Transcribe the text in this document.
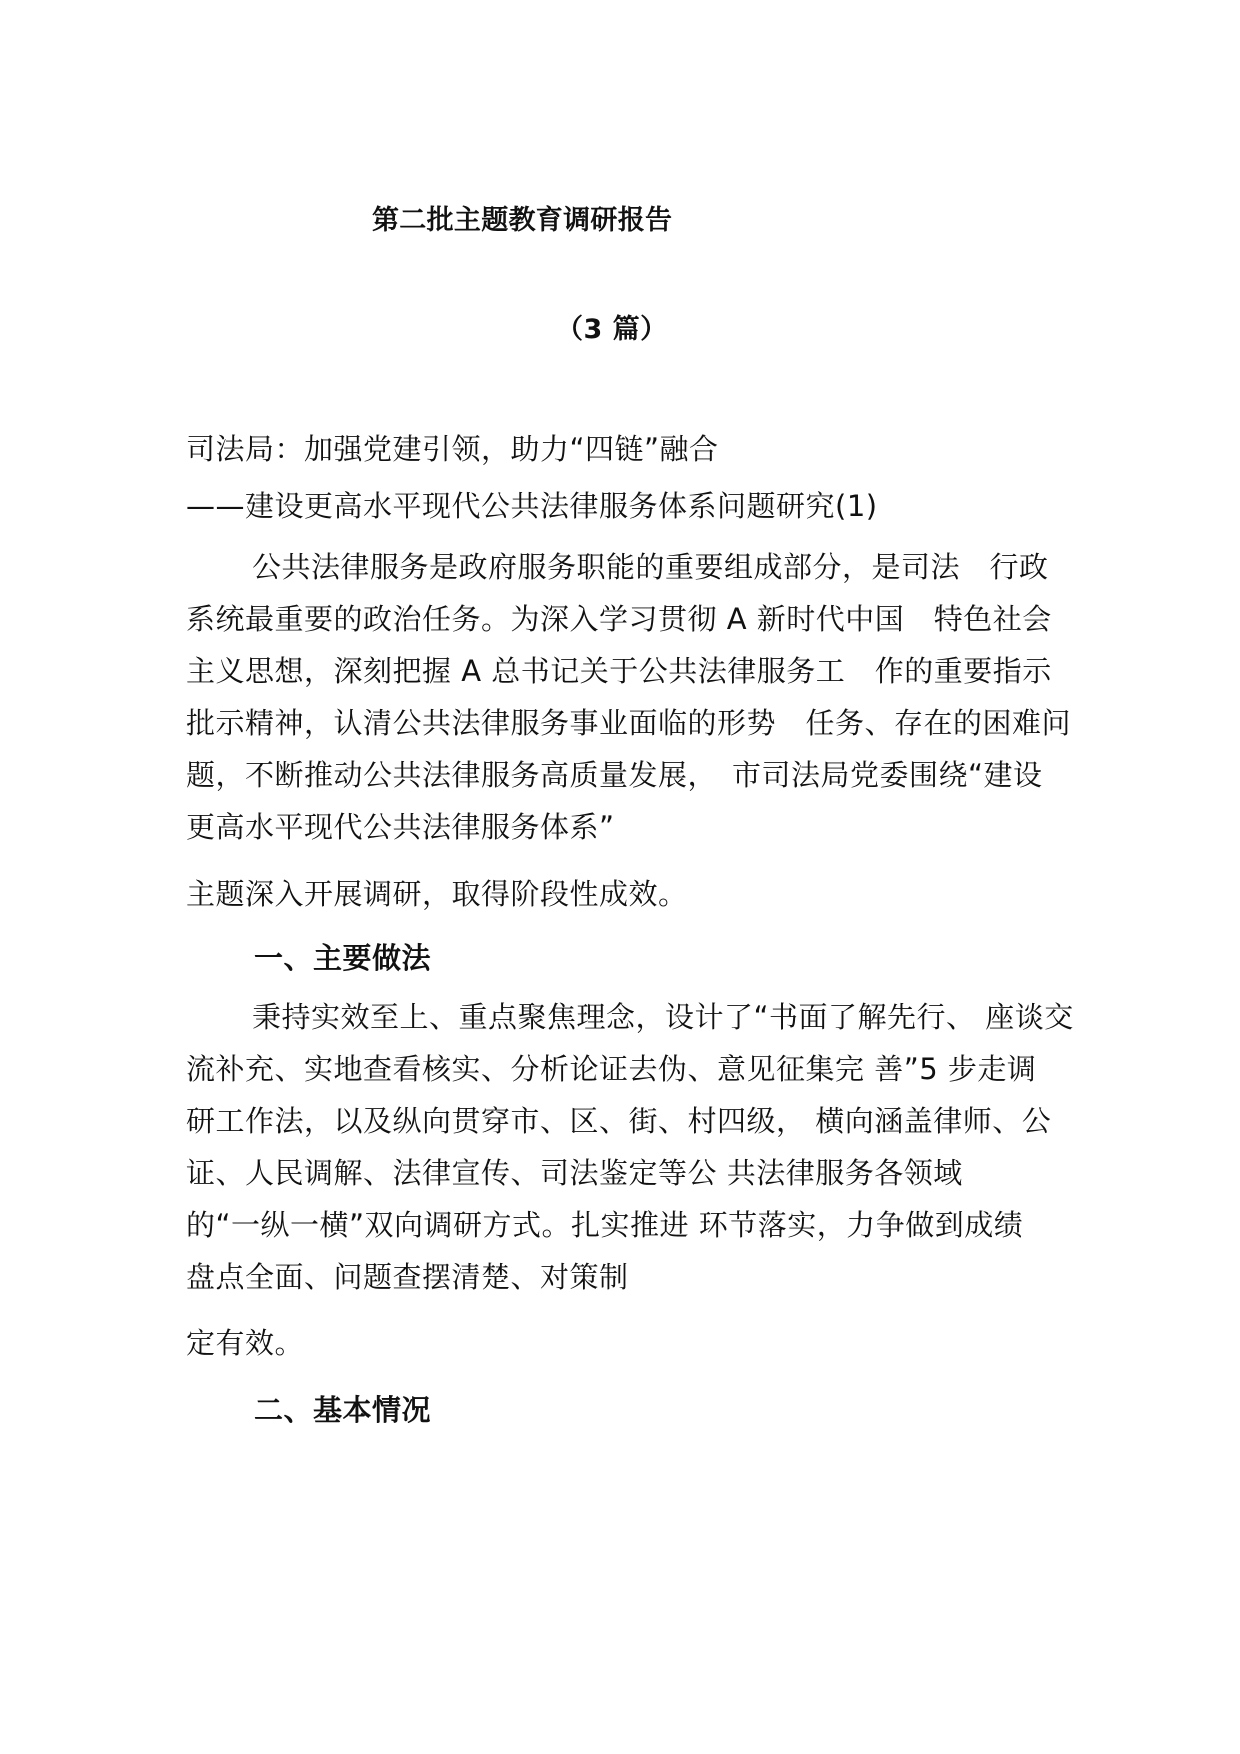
第二批主题教育调研报告
（3 篇）
司法局：加强党建引领，助力“四链”融合
——建设更高水平现代公共法律服务体系问题研究(1)
公共法律服务是政府服务职能的重要组成部分，是司法　行政
系统最重要的政治任务。为深入学习贯彻 A 新时代中国　特色社会
主义思想，深刻把握 A 总书记关于公共法律服务工　作的重要指示
批示精神，认清公共法律服务事业面临的形势　任务、存在的困难问
题，不断推动公共法律服务高质量发展，　市司法局党委围绕“建设
更高水平现代公共法律服务体系”
主题深入开展调研，取得阶段性成效。
一、主要做法
秉持实效至上、重点聚焦理念，设计了“书面了解先行、 座谈交
流补充、实地查看核实、分析论证去伪、意见征集完 善”5 步走调
研工作法，以及纵向贯穿市、区、街、村四级， 横向涵盖律师、公
证、人民调解、法律宣传、司法鉴定等公 共法律服务各领域
的“一纵一横”双向调研方式。扎实推进 环节落实，力争做到成绩
盘点全面、问题查摆清楚、对策制
定有效。
二、基本情况
